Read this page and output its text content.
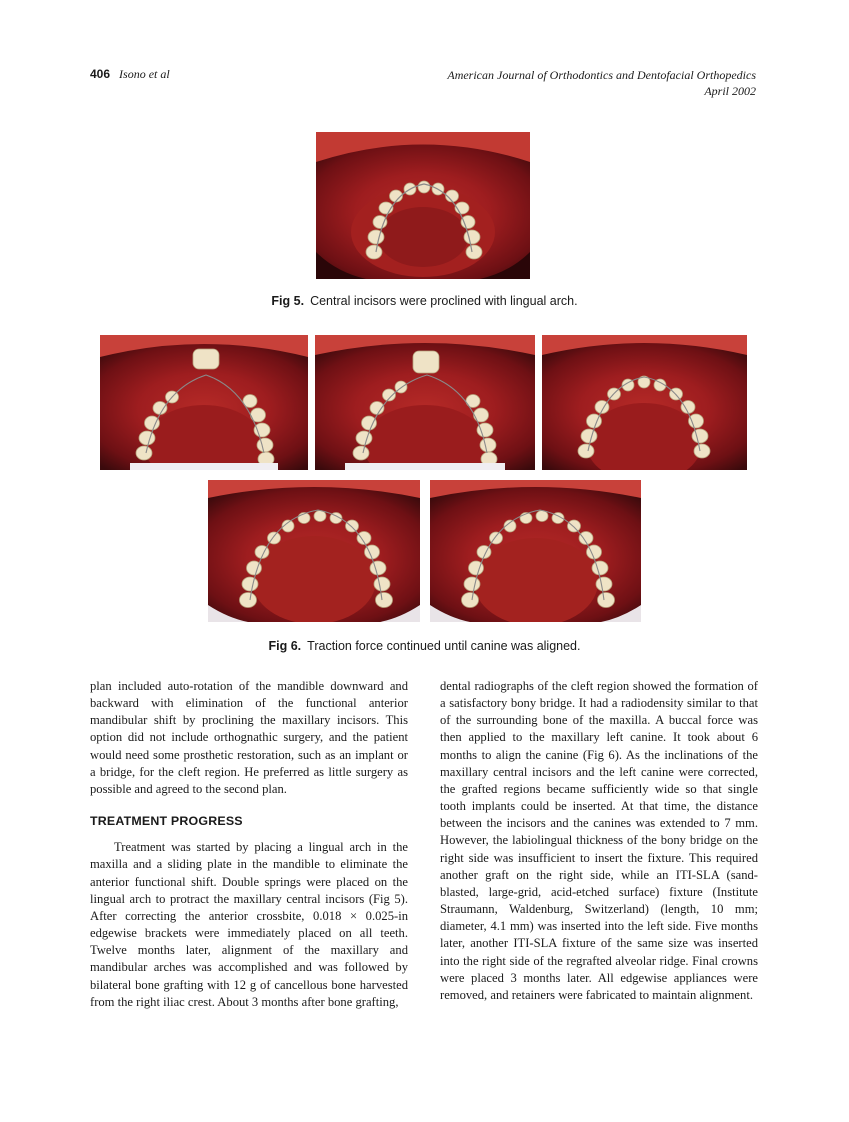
406 Isono et al	American Journal of Orthodontics and Dentofacial Orthopedics
April 2002
Fig 5. Central incisors were proclined with lingual arch.
Fig 6. Traction force continued until canine was aligned.

plan included auto-rotation of the mandible downward and backward with elimination of the functional anterior mandibular shift by proclining the maxillary incisors. This option did not include orthognathic surgery, and the patient would need some prosthetic restoration, such as an implant or a bridge, for the cleft region. He preferred as little surgery as possible and agreed to the second plan.

TREATMENT PROGRESS

Treatment was started by placing a lingual arch in the maxilla and a sliding plate in the mandible to eliminate the anterior functional shift. Double springs were placed on the lingual arch to protract the maxillary central incisors (Fig 5). After correcting the anterior crossbite, 0.018 × 0.025-in edgewise brackets were immediately placed on all teeth. Twelve months later, alignment of the maxillary and mandibular arches was accomplished and was followed by bilateral bone grafting with 12 g of cancellous bone harvested from the right iliac crest. About 3 months after bone grafting,

dental radiographs of the cleft region showed the formation of a satisfactory bony bridge. It had a radiodensity similar to that of the surrounding bone of the maxilla. A buccal force was then applied to the maxillary left canine. It took about 6 months to align the canine (Fig 6). As the inclinations of the maxillary central incisors and the left canine were corrected, the grafted regions became sufficiently wide so that single tooth implants could be inserted. At that time, the distance between the incisors and the canines was extended to 7 mm. However, the labiolingual thickness of the bony bridge on the right side was insufficient to insert the fixture. This required another graft on the right side, while an ITI-SLA (sand-blasted, large-grid, acid-etched surface) fixture (Institute Straumann, Waldenburg, Switzerland) (length, 10 mm; diameter, 4.1 mm) was inserted into the left side. Five months later, another ITI-SLA fixture of the same size was inserted into the right side of the regrafted alveolar ridge. Final crowns were placed 3 months later. All edgewise appliances were removed, and retainers were fabricated to maintain alignment.
